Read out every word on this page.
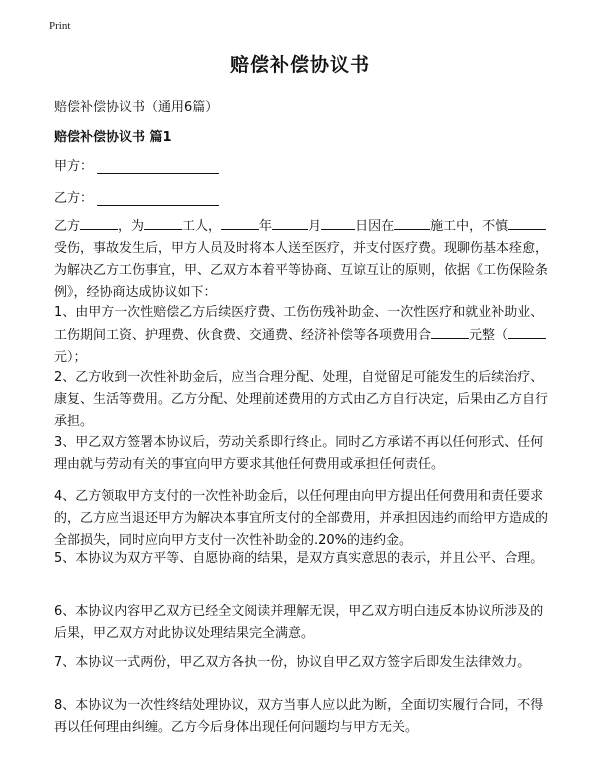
Print
赔偿补偿协议书
赔偿补偿协议书（通用6篇）
赔偿补偿协议书 篇1
甲方：
乙方：
乙方	，为	工人，	年	月	日因在	施工中，不慎受伤，事故发生后，甲方人员及时将本人送至医疗，并支付医疗费。现聊伤基本痊愈，为解决乙方工伤事宜，甲、乙双方本着平等协商、互谅互让的原则，依据《工伤保险条例》，经协商达成协议如下：
1、由甲方一次性赔偿乙方后续医疗费、工伤伤残补助金、一次性医疗和就业补助业、工伤期间工资、护理费、伙食费、交通费、经济补偿等各项费用合	元整（元）；
2、乙方收到一次性补助金后，应当合理分配、处理，自觉留足可能发生的后续治疗、康复、生活等费用。乙方分配、处理前述费用的方式由乙方自行决定，后果由乙方自行承担。
3、甲乙双方签署本协议后，劳动关系即行终止。同时乙方承诺不再以任何形式、任何理由就与劳动有关的事宜向甲方要求其他任何费用或承担任何责任。
4、乙方领取甲方支付的一次性补助金后，以任何理由向甲方提出任何费用和责任要求的，乙方应当退还甲方为解决本事宜所支付的全部费用，并承担因违约而给甲方造成的全部损失，同时应向甲方支付一次性补助金的.20%的违约金。
5、本协议为双方平等、自愿协商的结果，是双方真实意思的表示，并且公平、合理。
6、本协议内容甲乙双方已经全文阅读并理解无误，甲乙双方明白违反本协议所涉及的后果，甲乙双方对此协议处理结果完全满意。
7、本协议一式两份，甲乙双方各执一份，协议自甲乙双方签字后即发生法律效力。
8、本协议为一次性终结处理协议，双方当事人应以此为断，全面切实履行合同，不得再以任何理由纠缠。乙方今后身体出现任何问题均与甲方无关。
